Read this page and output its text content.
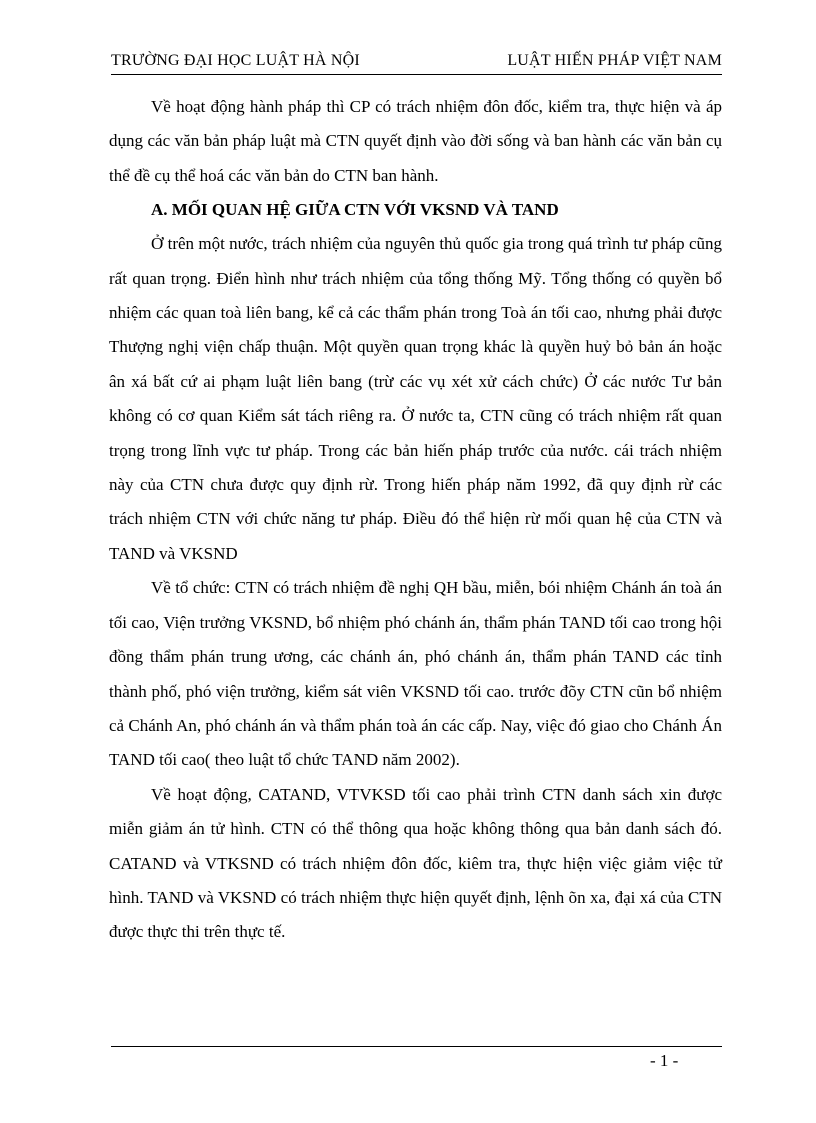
TRƯỜNG ĐẠI HỌC LUẬT HÀ NỘI	LUẬT HIẾN PHÁP VIỆT NAM

Về hoạt động hành pháp thì CP có trách nhiệm đôn đốc, kiểm tra, thực hiện và áp dụng các văn bản pháp luật mà CTN quyết định vào đời sống và ban hành các văn bản cụ thể đề cụ thể hoá các văn bản do CTN ban hành.

A. MỐI QUAN HỆ GIỮA CTN VỚI VKSND VÀ TAND

Ở trên một nước, trách nhiệm của nguyên thủ quốc gia trong quá trình tư pháp cũng rất quan trọng. Điển hình như trách nhiệm của tổng thống Mỹ. Tổng thống có quyền bổ nhiệm các quan toà liên bang, kể cả các thẩm phán trong Toà án tối cao, nhưng phải được Thượng nghị viện chấp thuận. Một quyền quan trọng khác là quyền huỷ bỏ bản án hoặc ân xá bất cứ ai phạm luật liên bang (trừ các vụ xét xử cách chức) Ở các nước Tư bản không có cơ quan Kiểm sát tách riêng ra. Ở nước ta, CTN cũng có trách nhiệm rất quan trọng trong lĩnh vực tư pháp. Trong các bản hiến pháp trước của nước. cái trách nhiệm này của CTN chưa được quy định rừ. Trong hiến pháp năm 1992, đã quy định rừ các trách nhiệm CTN với chức năng tư pháp. Điều đó thể hiện rừ mối quan hệ của CTN và TAND và VKSND

Về tổ chức: CTN có trách nhiệm đề nghị QH bầu, miễn, bói nhiệm Chánh án toà án tối cao, Viện trưởng VKSND, bổ nhiệm phó chánh án, thẩm phán TAND tối cao trong hội đồng thẩm phán trung ương, các chánh án, phó chánh án, thẩm phán TAND các tỉnh thành phố, phó viện trưởng, kiểm sát viên VKSND tối cao. trước đõy CTN cũn bổ nhiệm cả Chánh An, phó chánh án và thẩm phán toà án các cấp. Nay, việc đó giao cho Chánh Án TAND tối cao( theo luật tổ chức TAND năm 2002).

Về hoạt động, CATAND, VTVKSD tối cao phải trình CTN danh sách xin được miễn giảm án tử hình. CTN có thể thông qua hoặc không thông qua bản danh sách đó. CATAND và VTKSND có trách nhiệm đôn đốc, kiêm tra, thực hiện việc giảm việc tử hình. TAND và VKSND có trách nhiệm thực hiện quyết định, lệnh õn xa, đại xá của CTN được thực thi trên thực tế.

- 1 -
